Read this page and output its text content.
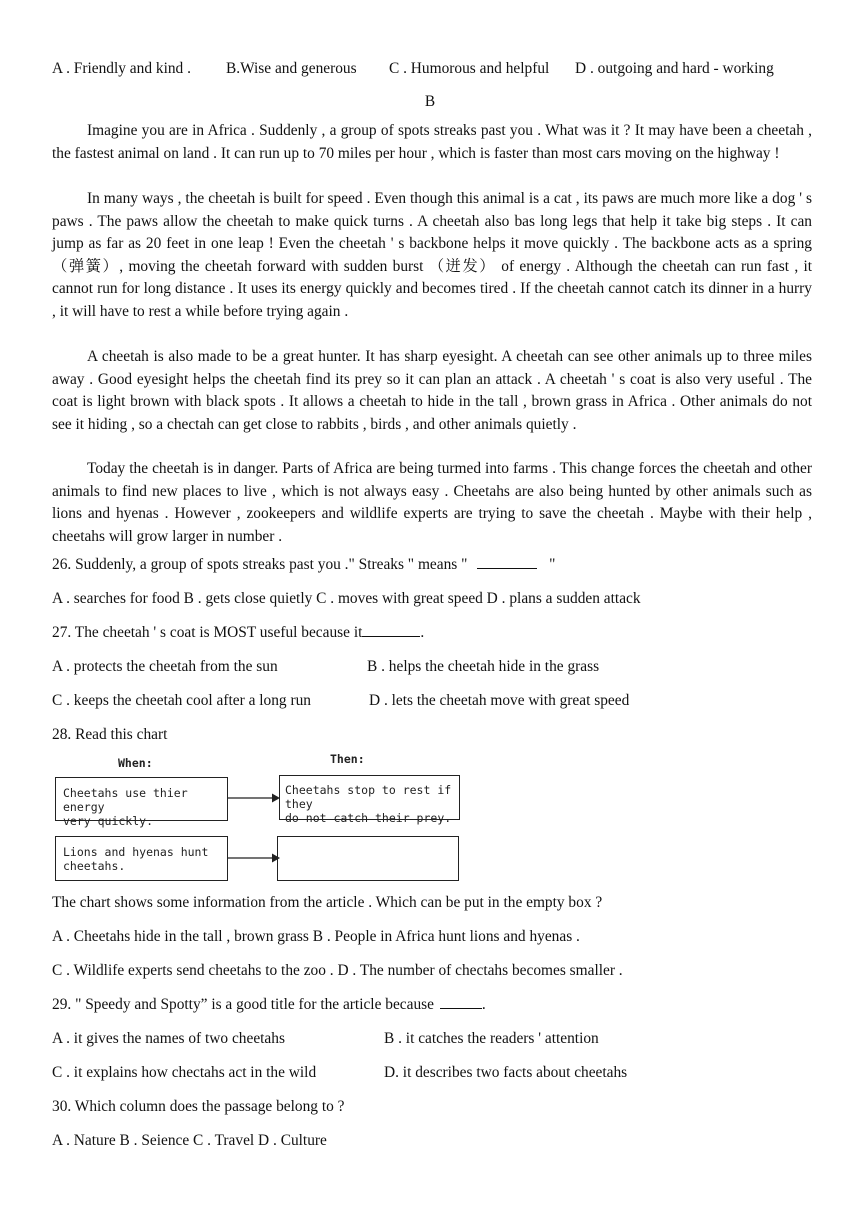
A . Friendly and kind . B.Wise and generous C . Humorous and helpful D . outgoing and hard - working
B
Imagine you are in Africa . Suddenly , a group of spots streaks past you . What was it ? It may have been a cheetah , the fastest animal on land . It can run up to 70 miles per hour , which is faster than most cars moving on the highway !
In many ways , the cheetah is built for speed . Even though this animal is a cat , its paws are much more like a dog ' s paws . The paws allow the cheetah to make quick turns . A cheetah also bas long legs that help it take big steps . It can jump as far as 20 feet in one leap ! Even the cheetah ' s backbone helps it move quickly . The backbone acts as a spring（弹簧）, moving the cheetah forward with sudden burst （迸发） of energy . Although the cheetah can run fast , it cannot run for long distance . It uses its energy quickly and becomes tired . If the cheetah cannot catch its dinner in a hurry , it will have to rest a while before trying again .
A cheetah is also made to be a great hunter. It has sharp eyesight. A cheetah can see other animals up to three miles away . Good eyesight helps the cheetah find its prey so it can plan an attack . A cheetah ' s coat is also very useful . The coat is light brown with black spots . It allows a cheetah to hide in the tall , brown grass in Africa . Other animals do not see it hiding , so a chectah can get close to rabbits , birds , and other animals quietly .
Today the cheetah is in danger. Parts of Africa are being turmed into farms . This change forces the cheetah and other animals to find new places to live , which is not always easy . Cheetahs are also being hunted by other animals such as lions and hyenas . However , zookeepers and wildlife experts are trying to save the cheetah . Maybe with their help , cheetahs will grow larger in number .
26. Suddenly, a group of spots streaks past you ." Streaks " means "	"
A . searches for food B . gets close quietly C . moves with great speed D . plans a sudden attack
27. The cheetah ' s coat is MOST useful because it	.
A . protects the cheetah from the sun	B . helps the cheetah hide in the grass
C . keeps the cheetah cool after a long run	D . lets the cheetah move with great speed
28. Read this chart
When:	Then:
Cheetahs use thier energy
very quickly.
Cheetahs stop to rest if they
do not catch their prey.
Lions and hyenas hunt
cheetahs.
The chart shows some information from the article . Which can be put in the empty box ?
A . Cheetahs hide in the tall , brown grass B . People in Africa hunt lions and hyenas .
C . Wildlife experts send cheetahs to the zoo . D . The number of chectahs becomes smaller .
29. " Speedy and Spotty” is a good title for the article because	.
A . it gives the names of two cheetahs	B . it catches the readers ' attention
C . it explains how chectahs act in the wild	D. it describes two facts about cheetahs
30. Which column does the passage belong to ?
A . Nature B . Seience C . Travel D . Culture
